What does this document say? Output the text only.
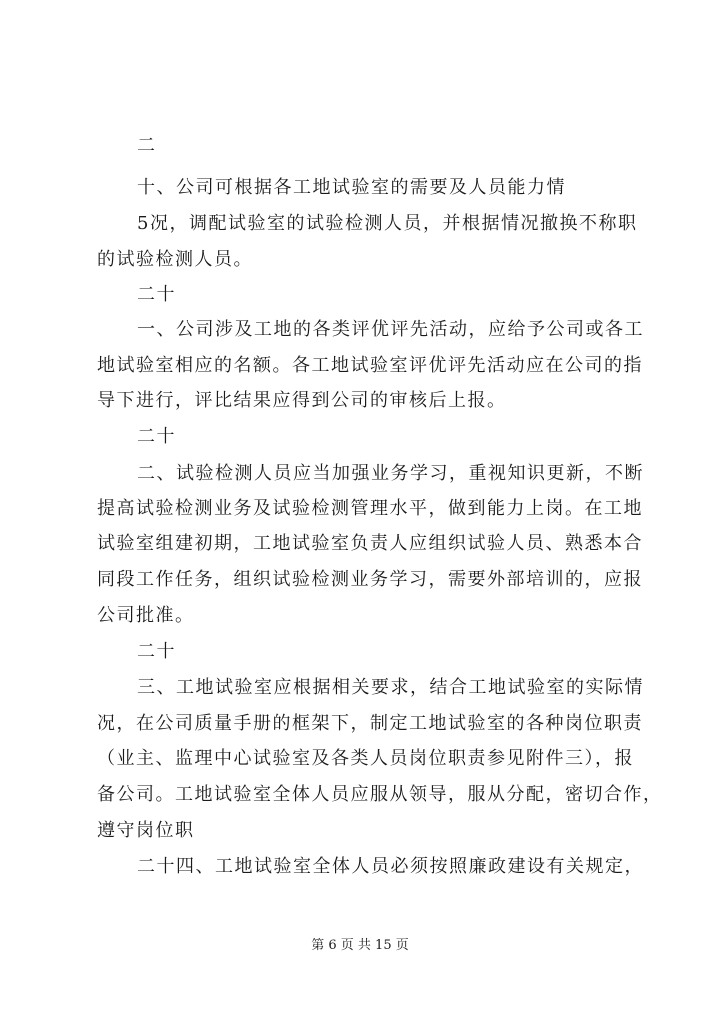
二
十、公司可根据各工地试验室的需要及人员能力情
5况，调配试验室的试验检测人员，并根据情况撤换不称职
的试验检测人员。
二十
一、公司涉及工地的各类评优评先活动，应给予公司或各工
地试验室相应的名额。各工地试验室评优评先活动应在公司的指
导下进行，评比结果应得到公司的审核后上报。
二十
二、试验检测人员应当加强业务学习，重视知识更新，不断
提高试验检测业务及试验检测管理水平，做到能力上岗。在工地
试验室组建初期，工地试验室负责人应组织试验人员、熟悉本合
同段工作任务，组织试验检测业务学习，需要外部培训的，应报
公司批准。
二十
三、工地试验室应根据相关要求，结合工地试验室的实际情
况，在公司质量手册的框架下，制定工地试验室的各种岗位职责
（业主、监理中心试验室及各类人员岗位职责参见附件三），报
备公司。工地试验室全体人员应服从领导，服从分配，密切合作，
遵守岗位职
二十四、工地试验室全体人员必须按照廉政建设有关规定，
第 6 页 共 15 页
